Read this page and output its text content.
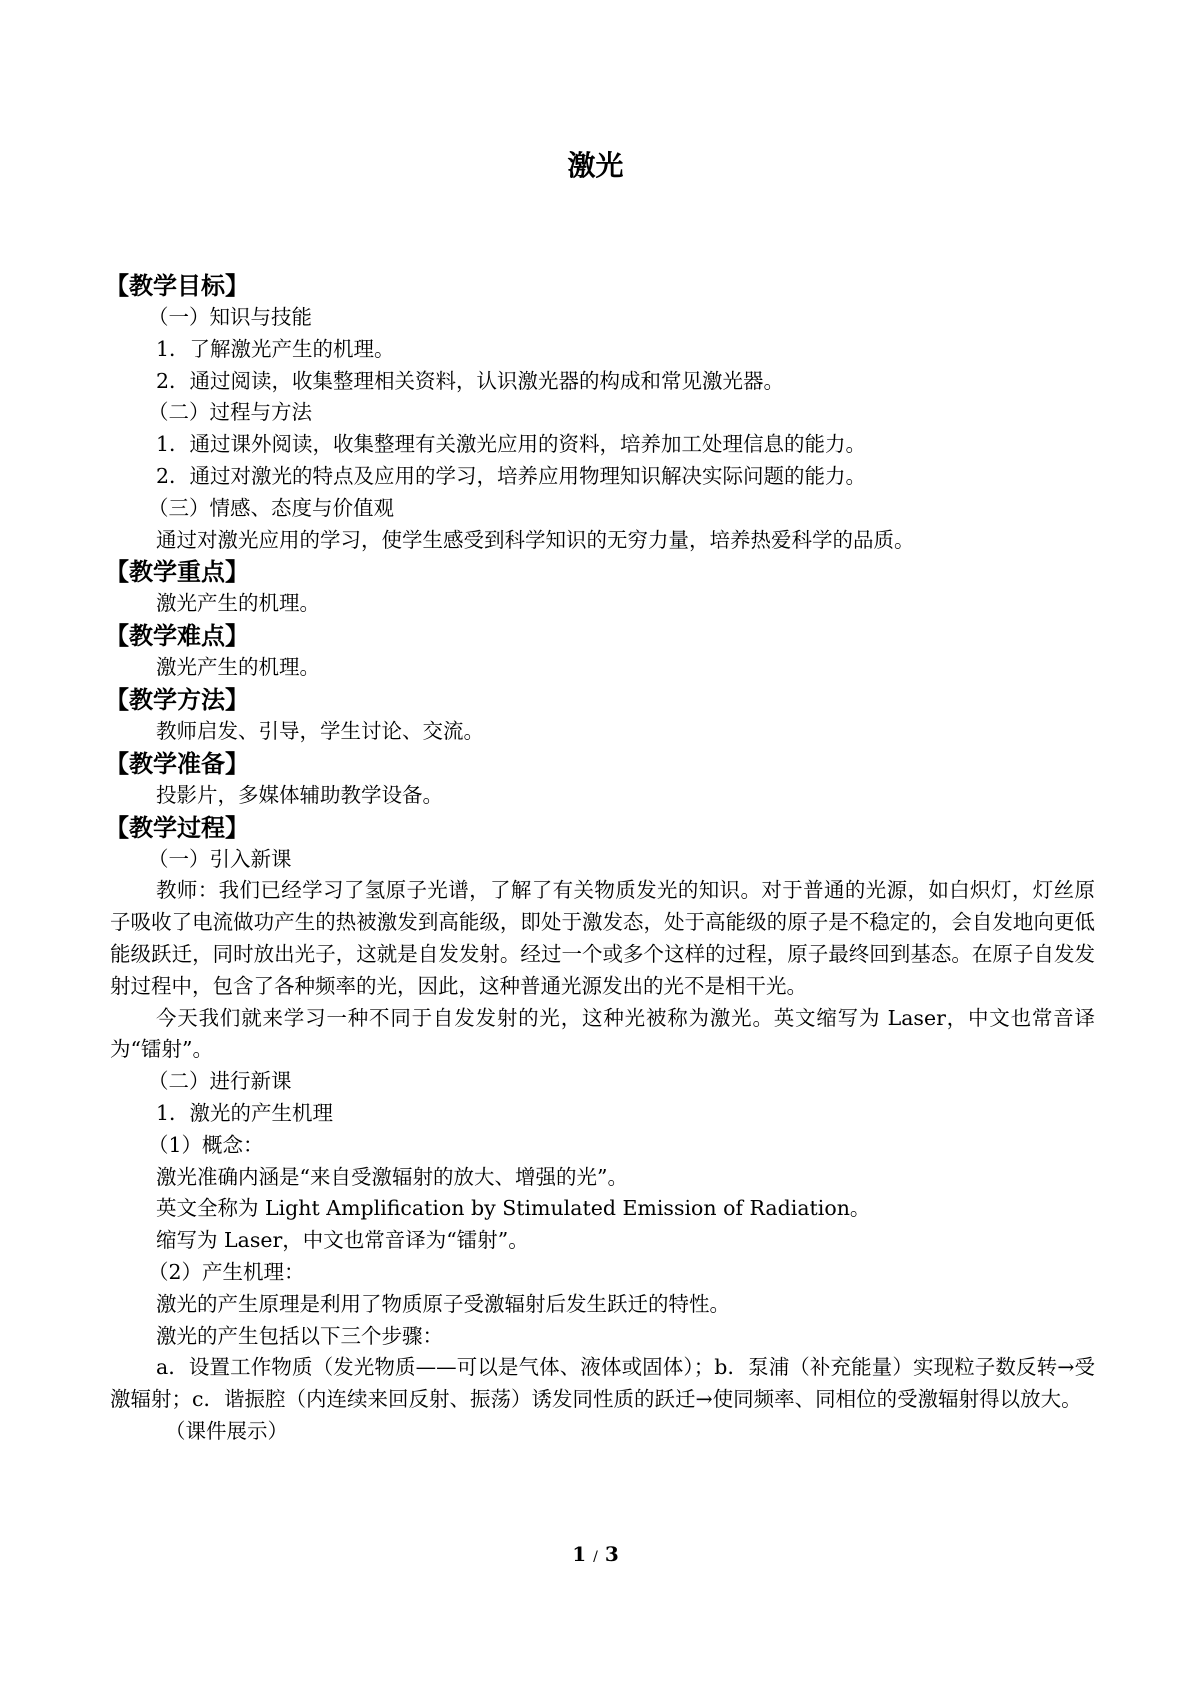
激光
【教学目标】

（一）知识与技能

1．了解激光产生的机理。

2．通过阅读，收集整理相关资料，认识激光器的构成和常见激光器。

（二）过程与方法

1．通过课外阅读，收集整理有关激光应用的资料，培养加工处理信息的能力。

2．通过对激光的特点及应用的学习，培养应用物理知识解决实际问题的能力。

（三）情感、态度与价值观

通过对激光应用的学习，使学生感受到科学知识的无穷力量，培养热爱科学的品质。

【教学重点】

激光产生的机理。

【教学难点】

激光产生的机理。

【教学方法】

教师启发、引导，学生讨论、交流。

【教学准备】

投影片，多媒体辅助教学设备。

【教学过程】

（一）引入新课

教师：我们已经学习了氢原子光谱，了解了有关物质发光的知识。对于普通的光源，如白炽灯，灯丝原子吸收了电流做功产生的热被激发到高能级，即处于激发态，处于高能级的原子是不稳定的，会自发地向更低能级跃迁，同时放出光子，这就是自发发射。经过一个或多个这样的过程，原子最终回到基态。在原子自发发射过程中，包含了各种频率的光，因此，这种普通光源发出的光不是相干光。

今天我们就来学习一种不同于自发发射的光，这种光被称为激光。英文缩写为 Laser，中文也常音译为“镭射”。

（二）进行新课

1．激光的产生机理

（1）概念：

激光准确内涵是“来自受激辐射的放大、增强的光”。

英文全称为 Light Amplification by Stimulated Emission of Radiation。

缩写为 Laser，中文也常音译为“镭射”。

（2）产生机理：

激光的产生原理是利用了物质原子受激辐射后发生跃迁的特性。

激光的产生包括以下三个步骤：

a．设置工作物质（发光物质——可以是气体、液体或固体）；b．泵浦（补充能量）实现粒子数反转→受激辐射；c．谐振腔（内连续来回反射、振荡）诱发同性质的跃迁→使同频率、同相位的受激辐射得以放大。

（课件展示）

1 / 3
